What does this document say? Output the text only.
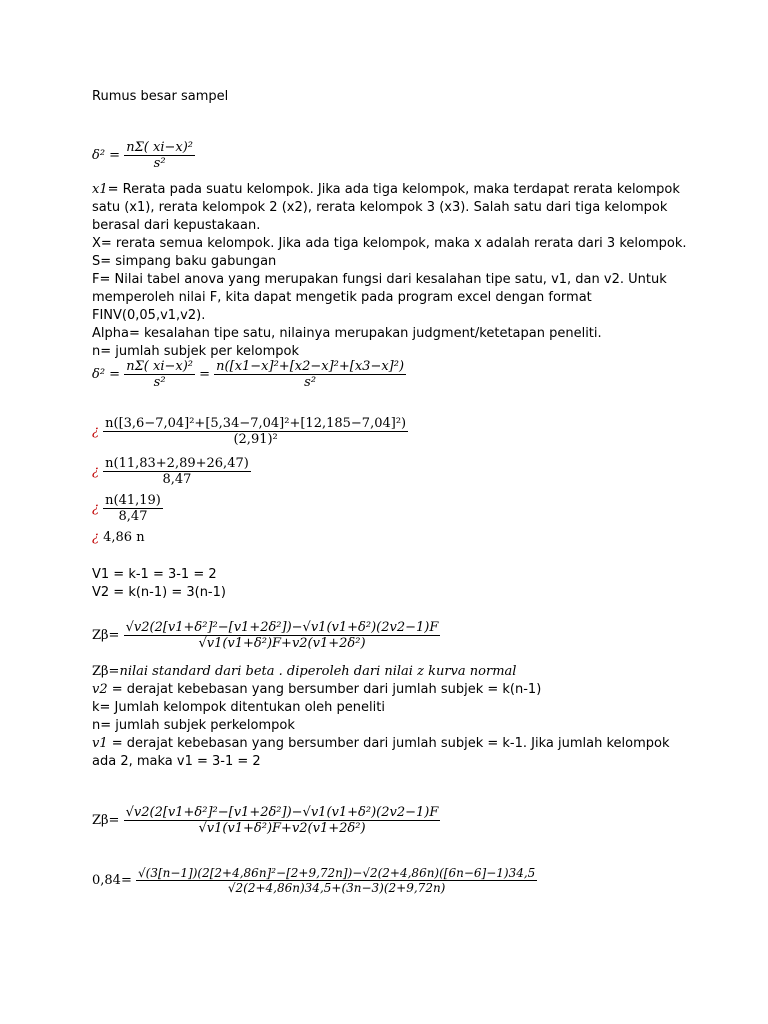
Rumus besar sampel
$\delta^2 = \frac{\text{nΣ( xi−x)²}}{\text{s²}}$
x1= Rerata pada suatu kelompok. Jika ada tiga kelompok, maka terdapat rerata kelompok satu (x1), rerata kelompok 2 (x2), rerata kelompok 3 (x3). Salah satu dari tiga kelompok berasal dari kepustakaan.
X= rerata semua kelompok. Jika ada tiga kelompok, maka x adalah rerata dari 3 kelompok.
S= simpang baku gabungan
F= Nilai tabel anova yang merupakan fungsi dari kesalahan tipe satu, v1, dan v2. Untuk memperoleh nilai F, kita dapat mengetik pada program excel dengan format FINV(0,05,v1,v2).
Alpha= kesalahan tipe satu, nilainya merupakan judgment/ketetapan peneliti.
n= jumlah subjek per kelompok
$\delta^2 = \frac{\text{nΣ( xi−x)²}}{\text{s²}} = \frac{\text{n([x1−x]²+[x2−x]²+[x3−x]²)}}{\text{s²}}$
¿ $\frac{\text{n([3,6−7,04]²+[5,34−7,04]²+[12,185−7,04]²)}}{\text{(2,91)²}}$
¿ $\frac{n(11,83+2,89+26,47)}{8,47}$
¿ $\frac{n(41,19)}{8,47}$
¿ 4,86 n
V1 = k-1 = 3-1 = 2
V2 = k(n-1) = 3(n-1)
$Z\beta= \frac{\text{√v2(2[v1+δ²]²−[v1+2δ²])−√v1(v1+δ²)(2v2−1)F}}{\text{√v1(v1+δ²)F+v2(v1+2δ²)}}$
Zβ=nilai standard dari beta . diperoleh dari nilai z kurva normal
v2 = derajat kebebasan yang bersumber dari jumlah subjek = k(n-1)
k= Jumlah kelompok ditentukan oleh peneliti
n= jumlah subjek perkelompok
v1 = derajat kebebasan yang bersumber dari jumlah subjek = k-1. Jika jumlah kelompok ada 2, maka v1 = 3-1 = 2
$Z\beta= \frac{\text{√v2(2[v1+δ²]²−[v1+2δ²])−√v1(v1+δ²)(2v2−1)F}}{\text{√v1(v1+δ²)F+v2(v1+2δ²)}}$
$0,84= \frac{\text{√(3[n−1])(2[2+4,86n]²−[2+9,72n])−√2(2+4,86n)([6n−6]−1)34,5}}{√2(2+4,86n)34,5+(3n-3)(2+9,72n)}$
